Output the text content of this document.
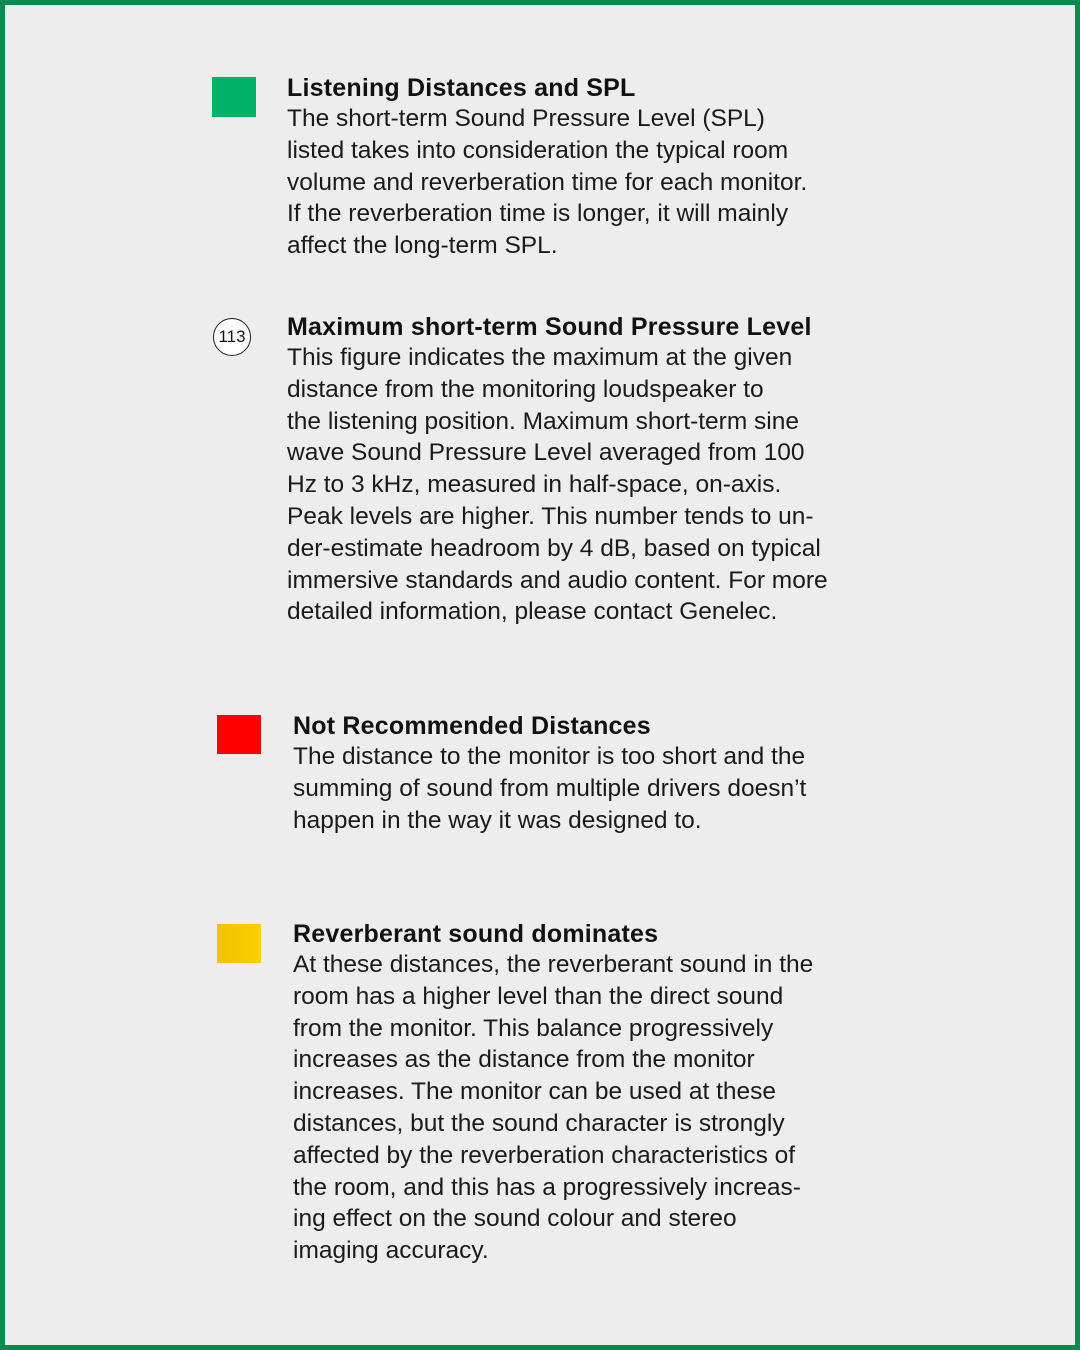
Listening Distances and SPL

The short-term Sound Pressure Level (SPL)
listed takes into consideration the typical room
volume and reverberation time for each monitor.
If the reverberation time is longer, it will mainly
affect the long-term SPL.

113 Maximum short-term Sound Pressure Level

This figure indicates the maximum at the given
distance from the monitoring loudspeaker to
the listening position. Maximum short-term sine
wave Sound Pressure Level averaged from 100
Hz to 3 kHz, measured in half-space, on-axis.
Peak levels are higher. This number tends to un-
der-estimate headroom by 4 dB, based on typical
immersive standards and audio content. For more
detailed information, please contact Genelec.

Not Recommended Distances

The distance to the monitor is too short and the
summing of sound from multiple drivers doesn’t
happen in the way it was designed to.

Reverberant sound dominates

At these distances, the reverberant sound in the
room has a higher level than the direct sound
from the monitor. This balance progressively
increases as the distance from the monitor
increases. The monitor can be used at these
distances, but the sound character is strongly
affected by the reverberation characteristics of
the room, and this has a progressively increas-
ing effect on the sound colour and stereo
imaging accuracy.
